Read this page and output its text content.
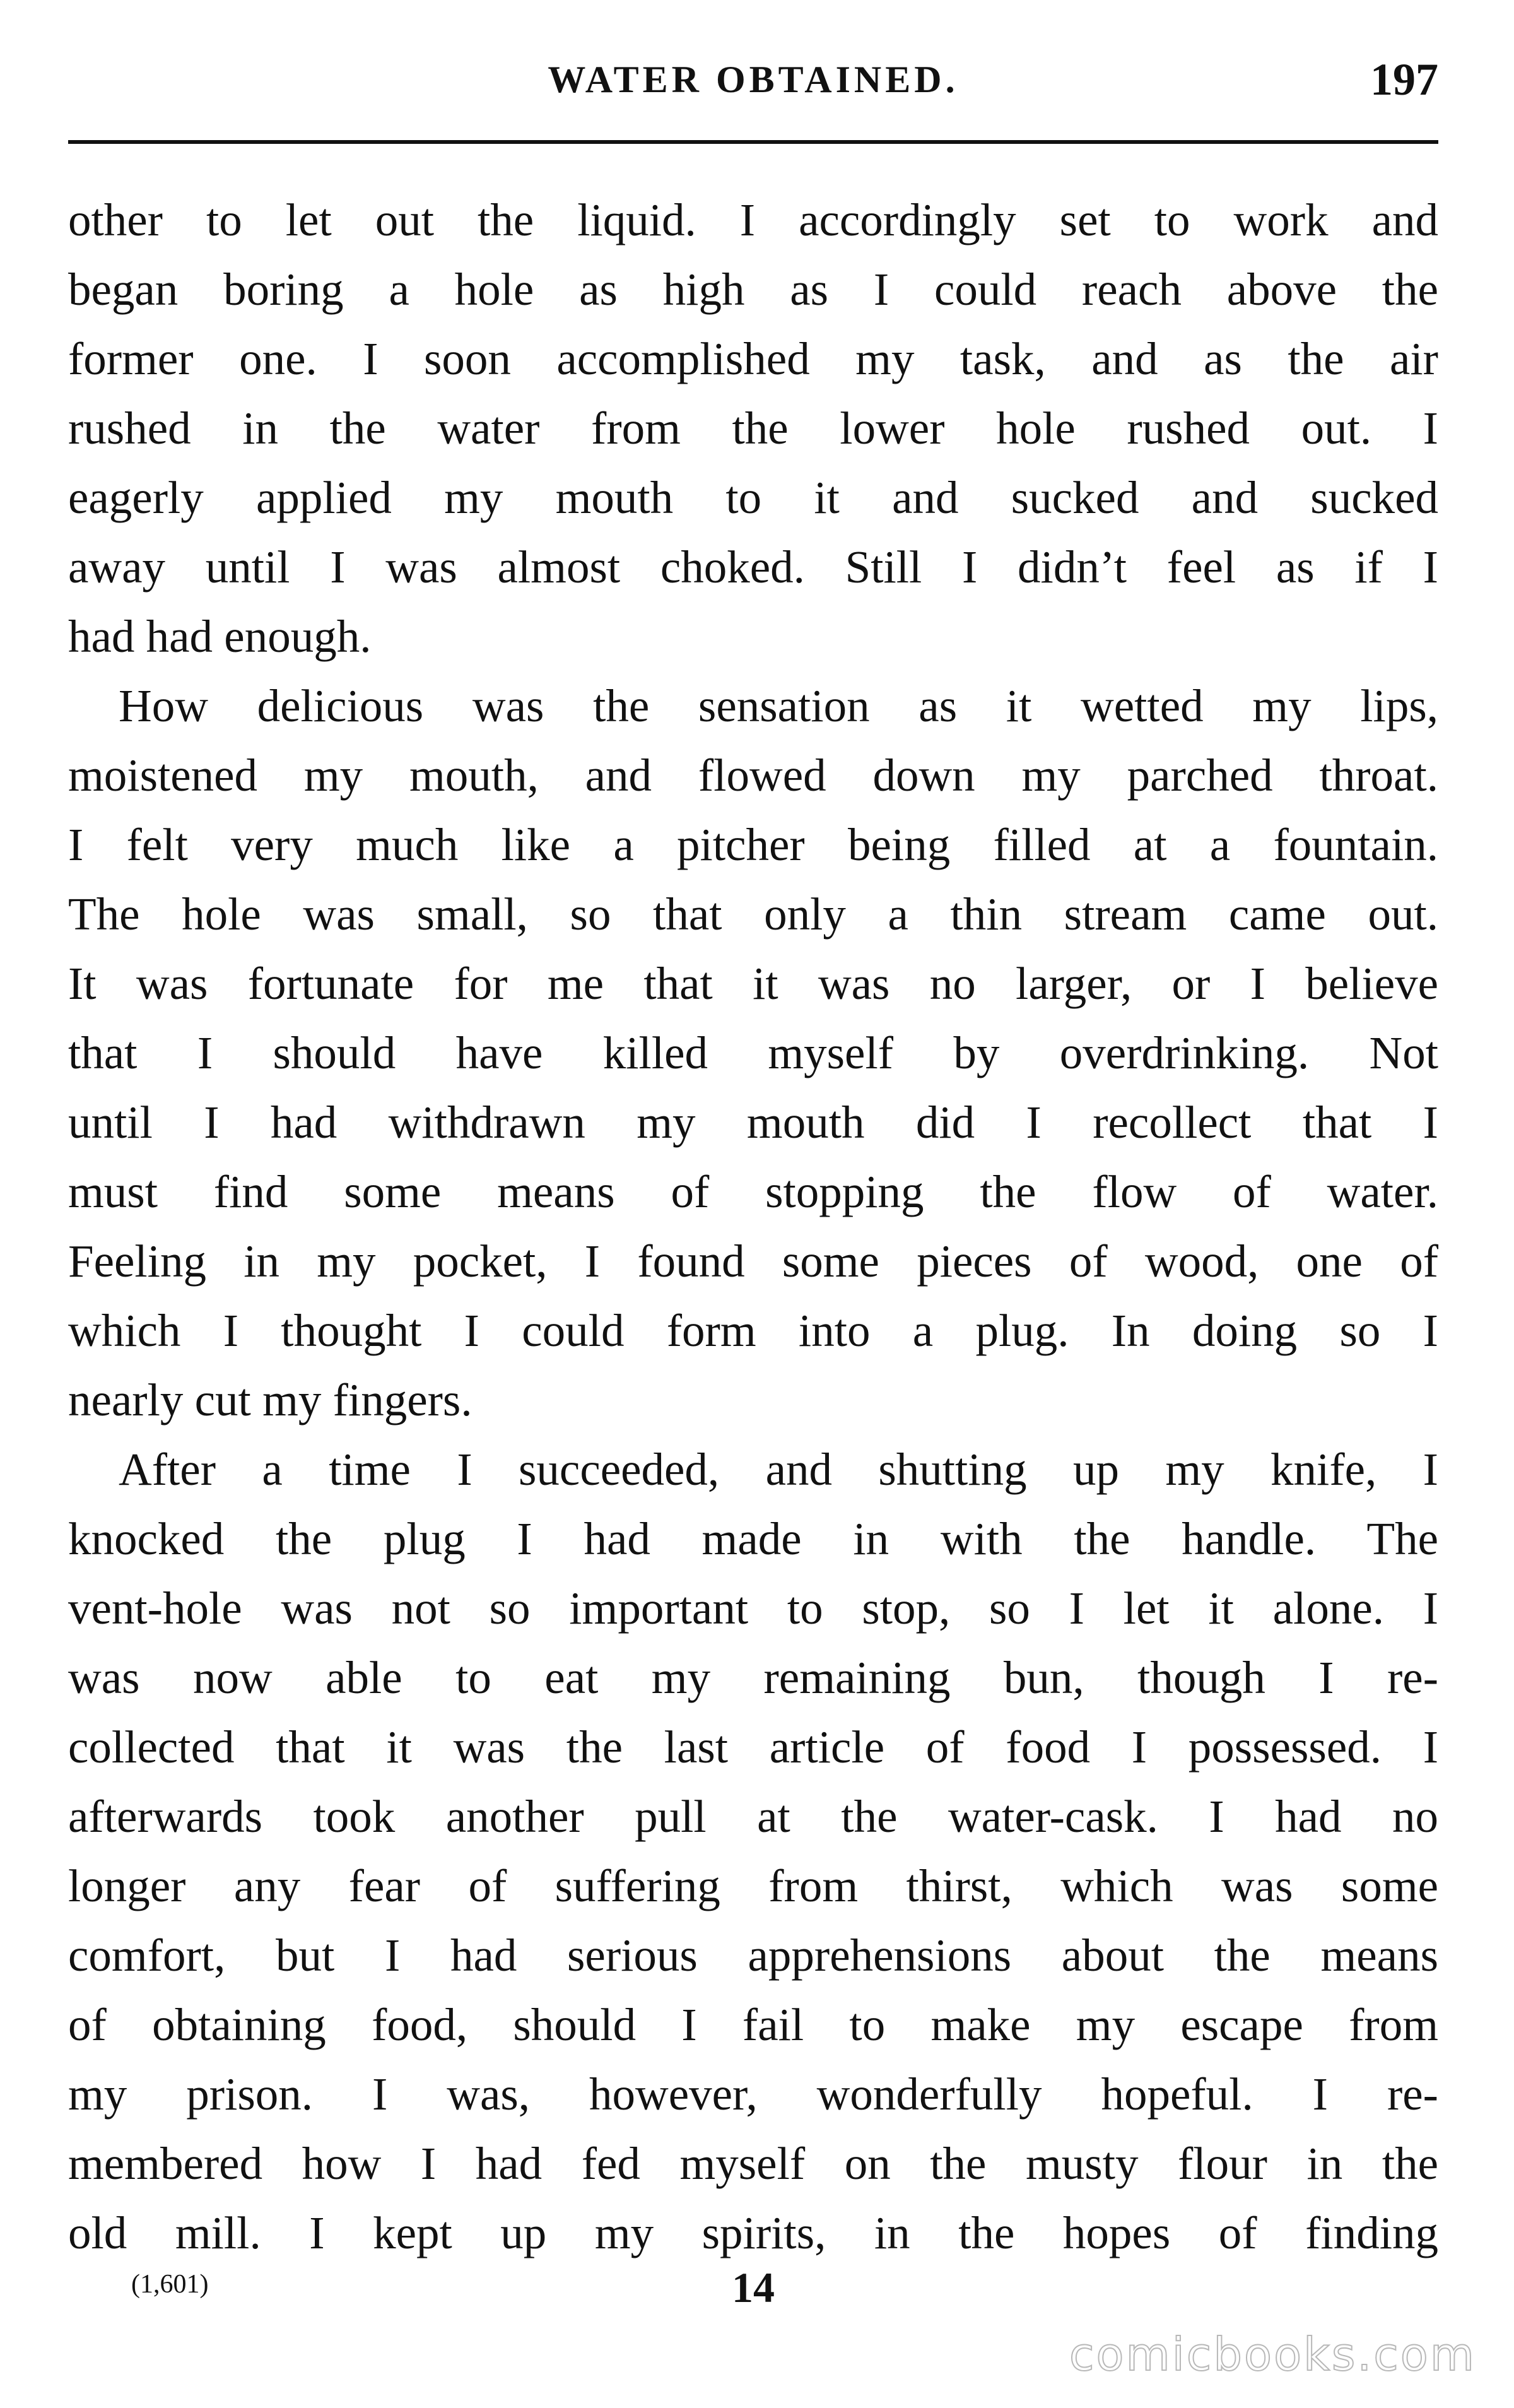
WATER OBTAINED.	197
other to let out the liquid. I accordingly set to work and
began boring a hole as high as I could reach above the
former one. I soon accomplished my task, and as the air
rushed in the water from the lower hole rushed out. I
eagerly applied my mouth to it and sucked and sucked
away until I was almost choked. Still I didn’t feel as if I
had had enough.
How delicious was the sensation as it wetted my lips,
moistened my mouth, and flowed down my parched throat.
I felt very much like a pitcher being filled at a fountain.
The hole was small, so that only a thin stream came out.
It was fortunate for me that it was no larger, or I believe
that I should have killed myself by overdrinking. Not
until I had withdrawn my mouth did I recollect that I
must find some means of stopping the flow of water.
Feeling in my pocket, I found some pieces of wood, one of
which I thought I could form into a plug. In doing so I
nearly cut my fingers.
After a time I succeeded, and shutting up my knife, I
knocked the plug I had made in with the handle. The
vent-hole was not so important to stop, so I let it alone. I
was now able to eat my remaining bun, though I re-
collected that it was the last article of food I possessed. I
afterwards took another pull at the water-cask. I had no
longer any fear of suffering from thirst, which was some
comfort, but I had serious apprehensions about the means
of obtaining food, should I fail to make my escape from
my prison. I was, however, wonderfully hopeful. I re-
membered how I had fed myself on the musty flour in the
old mill. I kept up my spirits, in the hopes of finding
(1,601)	14
comicbooks.com
